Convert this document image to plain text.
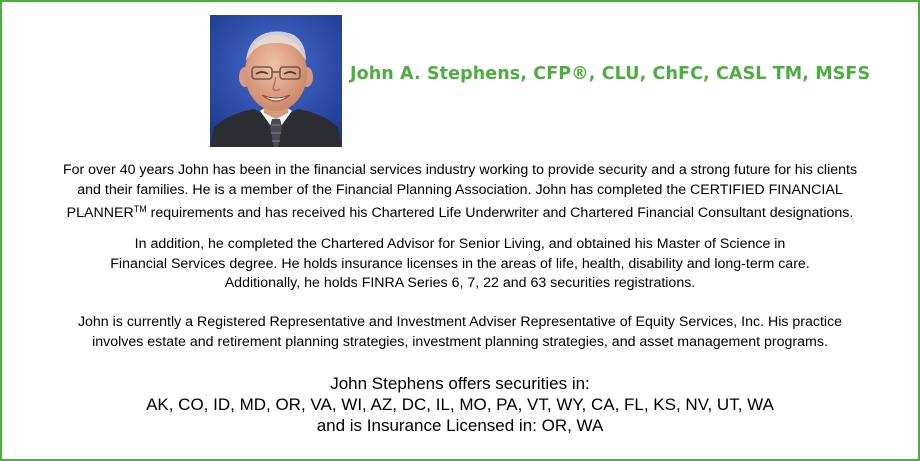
John A. Stephens, CFP®, CLU, ChFC, CASL TM, MSFS

For over 40 years John has been in the financial services industry working to provide security and a strong future for his clients

and their families. He is a member of the Financial Planning Association. John has completed the CERTIFIED FINANCIAL

PLANNER™ requirements and has received his Chartered Life Underwriter and Chartered Financial Consultant designations.

In addition, he completed the Chartered Advisor for Senior Living, and obtained his Master of Science in

Financial Services degree. He holds insurance licenses in the areas of life, health, disability and long-term care.

Additionally, he holds FINRA Series 6, 7, 22 and 63 securities registrations.

John is currently a Registered Representative and Investment Adviser Representative of Equity Services, Inc. His practice

involves estate and retirement planning strategies, investment planning strategies, and asset management programs.

John Stephens offers securities in:
AK, CO, ID, MD, OR, VA, WI, AZ, DC, IL, MO, PA, VT, WY, CA, FL, KS, NV, UT, WA
and is Insurance Licensed in: OR, WA
